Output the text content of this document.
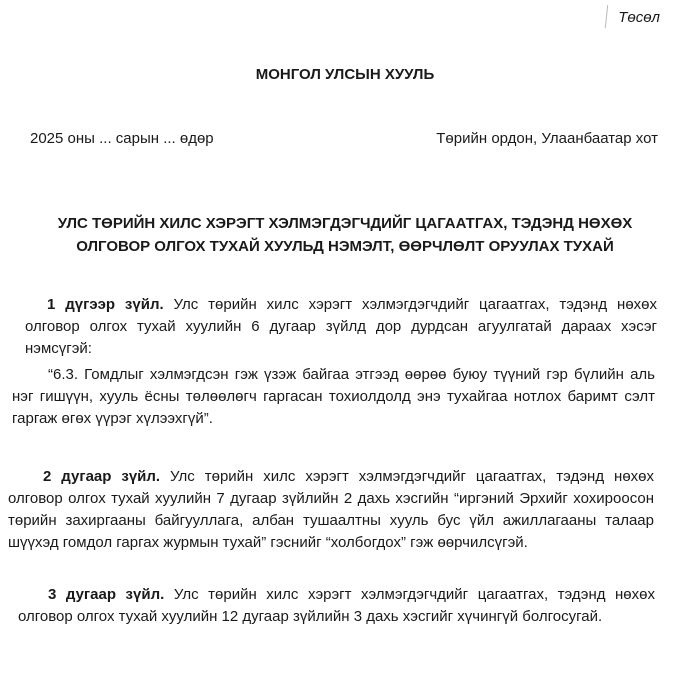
Төсөл
МОНГОЛ УЛСЫН ХУУЛЬ
2025 оны ... сарын ... өдөр	Төрийн ордон, Улаанбаатар хот
УЛС ТӨРИЙН ХИЛС ХЭРЭГТ ХЭЛМЭГДЭГЧДИЙГ ЦАГААТГАХ, ТЭДЭНД НӨХӨХ ОЛГОВОР ОЛГОХ ТУХАЙ ХУУЛЬД НЭМЭЛТ, ӨӨРЧЛӨЛТ ОРУУЛАХ ТУХАЙ

1 дүгээр зүйл. Улс төрийн хилс хэрэгт хэлмэгдэгчдийг цагаатгах, тэдэнд нөхөх олговор олгох тухай хуулийн 6 дугаар зүйлд дор дурдсан агуулгатай дараах хэсэг нэмсүгэй:

“6.3. Гомдлыг хэлмэгдсэн гэж үзэж байгаа этгээд өөрөө буюу түүний гэр бүлийн аль нэг гишүүн, хууль ёсны төлөөлөгч гаргасан тохиолдолд энэ тухайгаа нотлох баримт сэлт гаргаж өгөх үүрэг хүлээхгүй”.

2 дугаар зүйл. Улс төрийн хилс хэрэгт хэлмэгдэгчдийг цагаатгах, тэдэнд нөхөх олговор олгох тухай хуулийн 7 дугаар зүйлийн 2 дахь хэсгийн “иргэний Эрхийг хохироосон төрийн захиргааны байгууллага, албан тушаалтны хууль бус үйл ажиллагааны талаар шүүхэд гомдол гаргах журмын тухай” гэснийг “холбогдох” гэж өөрчилсүгэй.

3 дугаар зүйл. Улс төрийн хилс хэрэгт хэлмэгдэгчдийг цагаатгах, тэдэнд нөхөх олговор олгох тухай хуулийн 12 дугаар зүйлийн 3 дахь хэсгийг хүчингүй болгосугай.
